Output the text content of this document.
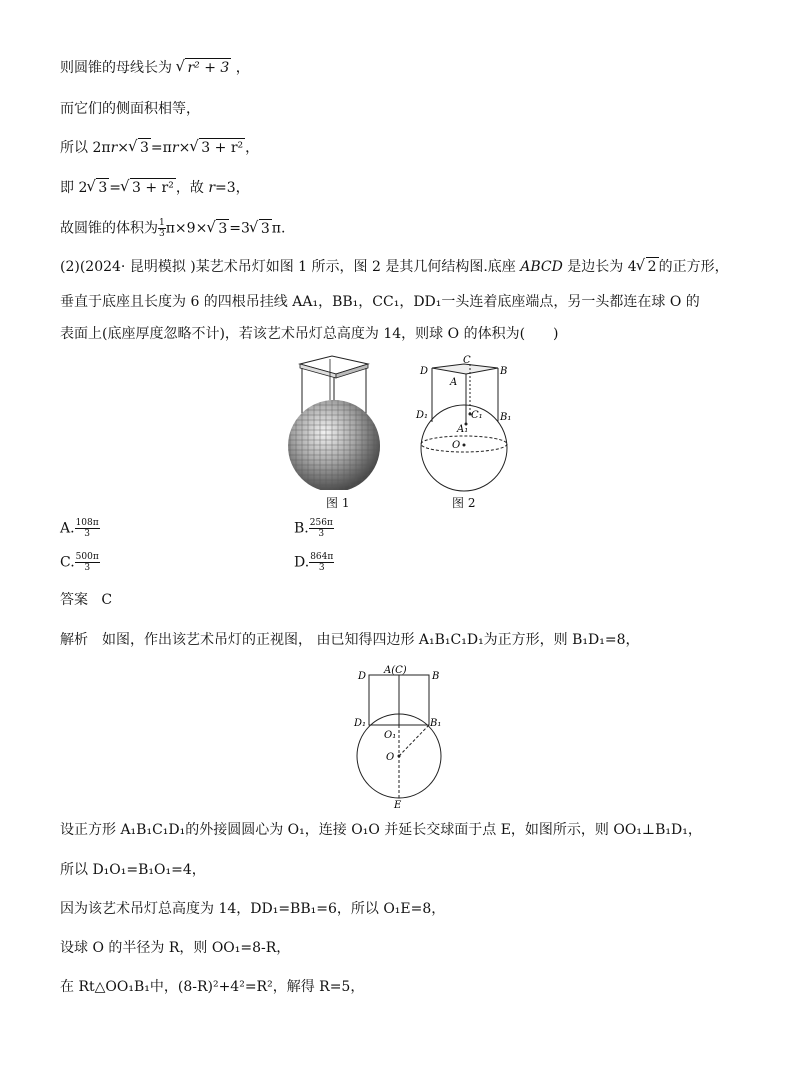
则圆锥的母线长为 √ r² + 3 ，
而它们的侧面积相等，
所以 2πr×√ 3 =πr×√ 3 + r² ，
即 2√ 3 =√ 3 + r² ，故 r=3，
故圆锥的体积为 $\frac{1}{3} \pi\times 9\times√$ 3 =3√ 3 π.
(2)(2024· 昆明模拟 )某艺术吊灯如图 1 所示，图 2 是其几何结构图.底座 ABCD 是边长为 4√ 2 的正方形，
垂直于底座且长度为 6 的四根吊挂线 AA₁，BB₁，CC₁，DD₁一头连着底座端点，另一头都连在球 O 的
表面上(底座厚度忽略不计)，若该艺术吊灯总高度为 14，则球 O 的体积为(　　)
图 1
D
C
B
A
D₁	B₁
C₁
A₁
O
图 2
A. $\frac{108\pi}{3}$	B. $\frac{256\pi}{3}$
C. $\frac{500\pi}{3}$	D. $\frac{864\pi}{3}$
答案 C
解析　如图，作出该艺术吊灯的正视图， 由已知得四边形 A₁B₁C₁D₁为正方形，则 B₁D₁=8，
D
A(C)
B
D₁	B₁
O₁
O
E
设正方形 A₁B₁C₁D₁的外接圆圆心为 O₁，连接 O₁O 并延长交球面于点 E，如图所示，则 OO₁⊥B₁D₁，
所以 D₁O₁=B₁O₁=4，
因为该艺术吊灯总高度为 14，DD₁=BB₁=6，所以 O₁E=8，
设球 O 的半径为 R，则 OO₁=8-R，
在 Rt△OO₁B₁中，(8-R)²+4²=R²，解得 R=5，
